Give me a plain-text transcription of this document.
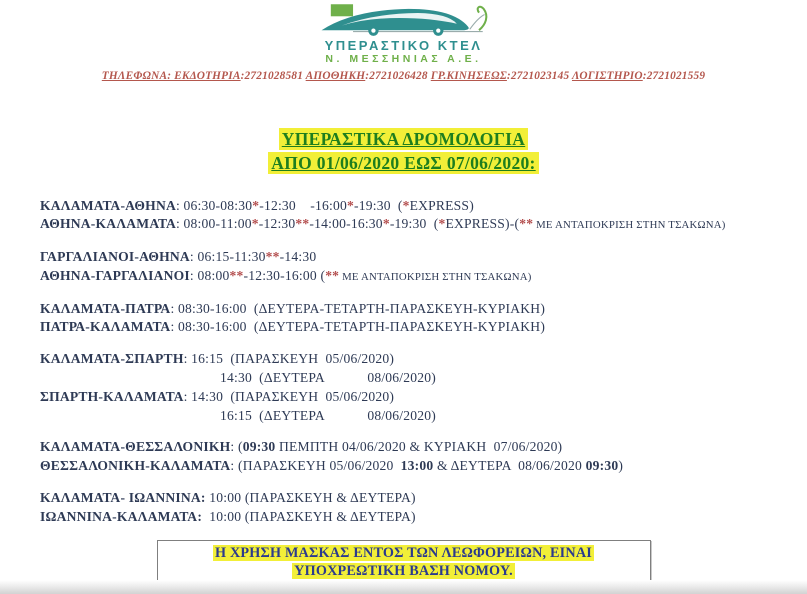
ΥΠΕΡΑΣΤΙΚΟ ΚΤΕΛ
Ν. ΜΕΣΣΗΝΙΑΣ Α.Ε.
ΤΗΛΕΦΩΝΑ: ΕΚΔΟΤΗΡΙΑ:2721028581 ΑΠΟΘΗΚΗ:2721026428 ΓΡ.ΚΙΝΗΣΕΩΣ:2721023145 ΛΟΓΙΣΤΗΡΙΟ:2721021559
ΥΠΕΡΑΣΤΙΚΑ ΔΡΟΜΟΛΟΓΙΑ
ΑΠΟ 01/06/2020 ΕΩΣ 07/06/2020:
ΚΑΛΑΜΑΤΑ-ΑΘΗΝΑ: 06:30-08:30*-12:30    -16:00*-19:30  (*EXPRESS)
ΑΘΗΝΑ-ΚΑΛΑΜΑΤΑ: 08:00-11:00*-12:30**-14:00-16:30*-19:30  (*EXPRESS)-(** ΜΕ ΑΝΤΑΠΟΚΡΙΣΗ ΣΤΗΝ ΤΣΑΚΩΝΑ)
ΓΑΡΓΑΛΙΑΝΟΙ-ΑΘΗΝΑ: 06:15-11:30**-14:30
ΑΘΗΝΑ-ΓΑΡΓΑΛΙΑΝΟΙ: 08:00**-12:30-16:00 (** ΜΕ ΑΝΤΑΠΟΚΡΙΣΗ ΣΤΗΝ ΤΣΑΚΩΝΑ)
ΚΑΛΑΜΑΤΑ-ΠΑΤΡΑ: 08:30-16:00  (ΔΕΥΤΕΡΑ-ΤΕΤΑΡΤΗ-ΠΑΡΑΣΚΕΥΗ-ΚΥΡΙΑΚΗ)
ΠΑΤΡΑ-ΚΑΛΑΜΑΤΑ: 08:30-16:00  (ΔΕΥΤΕΡΑ-ΤΕΤΑΡΤΗ-ΠΑΡΑΣΚΕΥΗ-ΚΥΡΙΑΚΗ)
ΚΑΛΑΜΑΤΑ-ΣΠΑΡΤΗ: 16:15  (ΠΑΡΑΣΚΕΥΗ  05/06/2020)
14:30  (ΔΕΥΤΕΡΑ            08/06/2020)
ΣΠΑΡΤΗ-ΚΑΛΑΜΑΤΑ: 14:30  (ΠΑΡΑΣΚΕΥΗ  05/06/2020)
16:15  (ΔΕΥΤΕΡΑ            08/06/2020)
ΚΑΛΑΜΑΤΑ-ΘΕΣΣΑΛΟΝΙΚΗ: (09:30 ΠΕΜΠΤΗ 04/06/2020 & ΚΥΡΙΑΚΗ  07/06/2020)
ΘΕΣΣΑΛΟΝΙΚΗ-ΚΑΛΑΜΑΤΑ: (ΠΑΡΑΣΚΕΥΗ 05/06/2020  13:00 & ΔΕΥΤΕΡΑ  08/06/2020 09:30)
ΚΑΛΑΜΑΤΑ- ΙΩΑΝΝΙΝΑ: 10:00 (ΠΑΡΑΣΚΕΥΗ & ΔΕΥΤΕΡΑ)
ΙΩΑΝΝΙΝΑ-ΚΑΛΑΜΑΤΑ:  10:00 (ΠΑΡΑΣΚΕΥΗ & ΔΕΥΤΕΡΑ)
Η ΧΡΗΣΗ ΜΑΣΚΑΣ ΕΝΤΟΣ ΤΩΝ ΛΕΩΦΟΡΕΙΩΝ, ΕΙΝΑΙ
ΥΠΟΧΡΕΩΤΙΚΗ ΒΑΣΗ ΝΟΜΟΥ.
